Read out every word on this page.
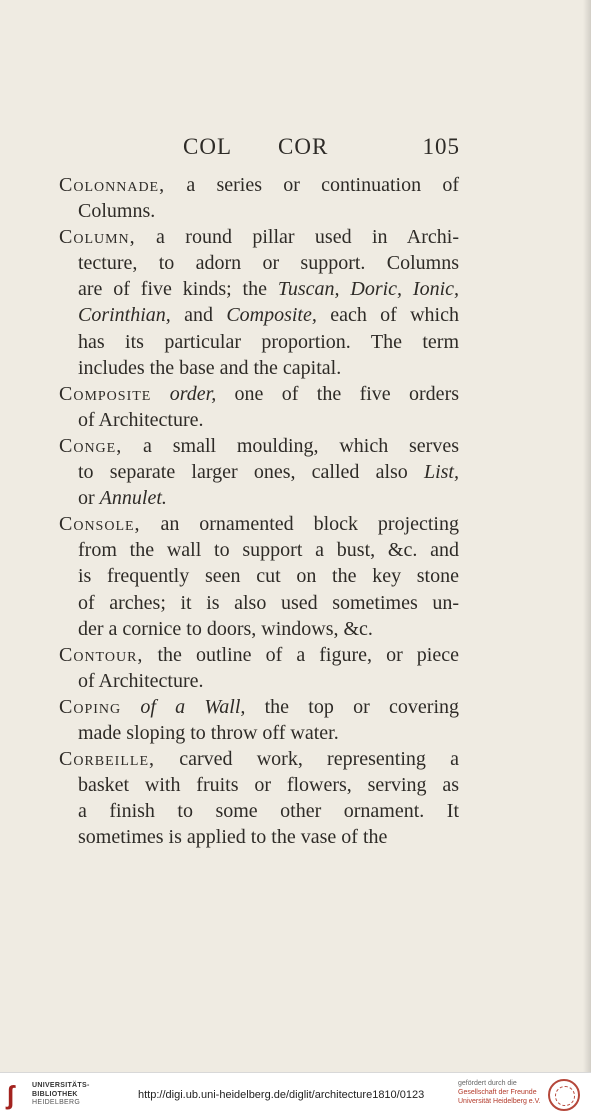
COL COR	105
Colonnade, a series or continuation of
Columns.
Column, a round pillar used in Archi-
tecture, to adorn or support. Columns
are of five kinds; the Tuscan, Doric, Ionic,
Corinthian, and Composite, each of which
has its particular proportion. The term
includes the base and the capital.
Composite order, one of the five orders
of Architecture.
Conge, a small moulding, which serves
to separate larger ones, called also List,
or Annulet.
Console, an ornamented block projecting
from the wall to support a bust, &c. and
is frequently seen cut on the key stone
of arches; it is also used sometimes un-
der a cornice to doors, windows, &c.
Contour, the outline of a figure, or piece
of Architecture.
Coping of a Wall, the top or covering
made sloping to throw off water.
Corbeille, carved work, representing a
basket with fruits or flowers, serving as
a finish to some other ornament. It
sometimes is applied to the vase of the
ʃ	UNIVERSITÄTS-
BIBLIOTHEK
HEIDELBERG
http://digi.ub.uni-heidelberg.de/diglit/architecture1810/0123
gefördert durch die
Gesellschaft der Freunde
Universität Heidelberg e.V.
